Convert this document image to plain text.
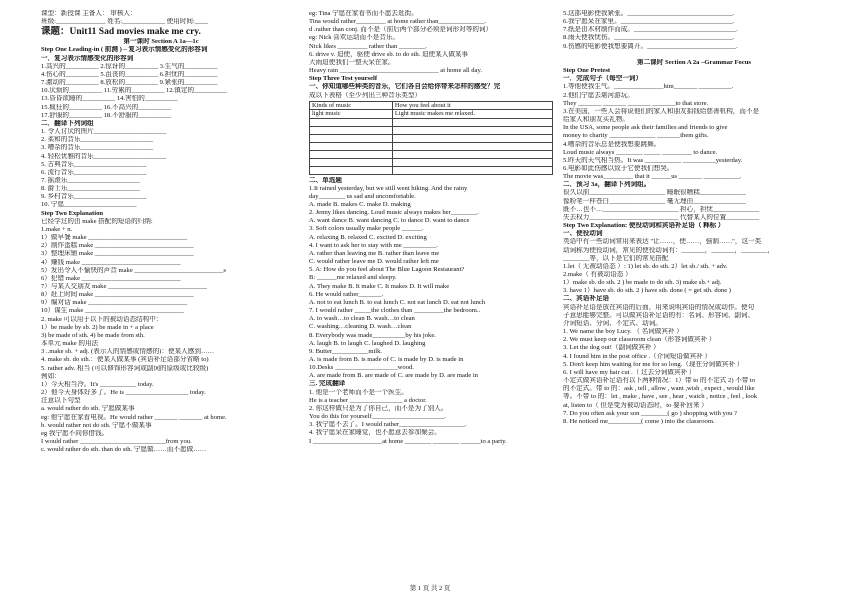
课型：新授课 主备人： 审核人：
班级:_______________ 姓名:_____________ 使用时间:____
课题：Unit11 Sad movies make me cry.
第一课时 Section A 1a—1c
Step One Leading-in ( 前测 ) – 复习表示情感变化的形容词
一．复习表示情感变化的形容词
1.高兴的__________ 2.惊讶的__________ 3.生气的__________
4.伤心的__________ 5.沮丧的__________ 6.担忧的__________
7.激动的__________ 8.放松的__________ 9.紧张的__________
10.厌烦的__________ 11.劳累的__________ 12.镇定的__________
13.昏昏欲睡的__________ 14.害怕的__________
15.疯狂的__________ 16.不高兴的__________
17.舒服的__________ 18.不舒服的__________
二．翻译下列词组
1. 令人讨厌的图片______________________
2. 柔和的音乐______________________
3. 嘈杂的音乐______________________
4. 轻松优雅的音乐______________________
5. 古典音乐______________________
6. 流行音乐______________________
7. 摇滚乐______________________
8. 爵士乐______________________
9. 乡村音乐______________________
10. 宁愿______________________
Step Two Explanation
已经学过的由 make 搭配的短语的归纳:
1.make + n.
1）做早餐 make ______________________________
2）制作蛋糕 make ______________________________
3）整理床铺 make ______________________________
4）赚钱 make ______________________________
5）发出令人不愉快的声音 make ___________________________s
6）犯错 make ______________________________
7）与某人交朋友 make ______________________________
8）赶上时间 make ______________________________
9）编对话 make ______________________________
10）谋生 make ______________________________
2. make 可以用于以下的被动语态结构中：
1）be made by sb. 2) be made in + a place
3) be made of sth. 4) be made from sth.
本单元 make 的用法
3 ..make sb. + adj. (表示人的情感或情感的)：使某人感到……
4. make sb. do sth.：使某人做某事 (宾语补足语部分省略 to)
5. rather adv. 相当 (可以修饰形容词或副词的原级或比较级)
例如：
1）今天相当冷。It's ___________ today.
2）他今天身体好多了。He is ___________________ today.
注意以下句型
a. would rather do sth. 宁愿做某事
eg: 他宁愿在家看电视。He would rather _______ _______ at home.
b. would rather not do sth. 宁愿不做某事
eg 我宁愿不向你借钱。
I would rather __________________________from you.
c. would rather do sth. than do sth. 宁愿做……而不愿做……
eg: Tina 宁愿在家看书而不愿去逛街。
Tina would rather_________ at home rather than______________.
d .rather than conj. 而不是（前后两个部分必须是词形对等的词）
eg: Nick 喜欢运动而不是音乐。
Nick likes _________ rather than ________.
6. drive v. 迫使，驱使 drive sb. to do sth. 迫使某人做某事
大雨迫使我们一整天呆在家。
Heavy rain ______________________________ at home all day.
Step Three Test yourself
一、你知道哪些种类的音乐，它们各自会给你带来怎样的感受？完
成以下表格（至少列出三种音乐类型）
Kinds of music	How you feel about it
light music	Light music makes me relaxed.

二、单选题
1.It rained yesterday, but we still went hiking. And the rainy
day________ us sad and uncomfortable.
A. made B. makes C. make D. making
2. Jenny likes dancing. Loud music always makes her________.
A. want dance B. want dancing C. to dance D. want to dance
3. Soft colors usually make people ______.
A. relaxing B. relaxed C. excited D. exciting
4. I want to ask her to stay with me __________.
A. rather than leaving me B. rather than leave me
C. would rather leave me D. would rather left me
5. A: How do you feel about The Blue Lagoon Restaurant?
B: ______me relaxed and sleepy.
A. They make B. It make C. It makes D. It will make
6. He would rather_______.
A. not to eat lunch B. to eat lunch C. not eat lunch D. eat not lunch
7. I would rather _____the clothes than _________the bedroom..
A. to wash…to clean B. wash…to clean
C. washing…cleaning D. wash…clean
8. Everybody was made__________by his joke.
A. laugh B. to laugh C. laughed D. laughing
9. Butter___________milk.
A. is made from B. is made of C. is made by D. is made in
10.Desks ___________________wood.
A. are made from B. are made of C. are made by D. are made in
三. 完成翻译
1. 他是一个老师而不是一个医生。
He is a teacher ________________ a doctor.
2. 你这样做只是为了你自己，而不是为了别人。
You do this for yourself______________________.
3. 我宁愿不去了。I would rather____________________.
4. 我宁愿呆在家睡觉，也不愿意去参加聚会。
I _____________________at home ________ ________ ______to a party.
5.这部电影使我紧张。________________________________.
6.我宁愿呆在家里。__________________________________.
7.纸是由木材制作而成。_______________________________.
8.雨天使我忧伤。____________________________________.
9.伤感的电影使我想要离开。___________________________.

第二课时 Section A 2a –Grammar Focus
Step One Pretest
一．完成句子（每空一词）
1.等他使我生气。_______________him_______ __________.
2.他们宁愿去堪河游玩。
They _______ _______ _______ _______to that store.
3.在美国，一些人会将说他们的家人和朋友捐钱给慈善机构，而不是
给家人和朋友买礼物。
In the USA, some people ask their families and friends to give
money to charity ______________ _______them gifts.
4.嘈杂的音乐总是使我想要跳舞。
Loud music always ________ _____ _________ to dance.
5.昨天的天气相当热。It was ___________ __________yesterday.
6.电影如此伤感以致于它使我们想哭。
The movie was_________ that it ______us _______ ___________.
二．预习 3a，翻译下列词组。
很久以前_______________________ 睡眠很糟糕______________
像粉笔一样苍白_________________ 毫无理由________________
既不…也不…_______________________ 担心，担忧______________
失去权力___________________________ 代替某人的位置__________
Step Two Explanation: 使役动词和宾语补足语（ 释标 ）
一、使役动词
英语中有一些动词常用来表达 "让……，使……，强制……"，这一类
动词称为使役动词，常见的使役动词有：_______，_______，________，
________等，以下是它们的常见搭配
1.let（ 无被动语态 ）: 1) let sb. do sth. 2）let sb./ sth. + adv.
2.make（ 有被动语态 ）
1）make sb. do sth. 2 ) be made to do sth. 3) make sb.+ adj.
3. have 1）have sb. do sth. 2 ) have sth. done ( = get sth. done )
二、宾语补足语
宾语补足语是放在宾语的后面，用来说明宾语的情况或动作。使句
子意思能够完整。可以做宾语补足语的有：名词、形容词、副词、
介词短语、分词、不定式、动词。
1. We name the boy Lucy. （ 名词做宾补 ）
2. We must keep our classroom clean（形容词做宾补 ）
3. Let the dog out!（副词做宾补 ）
4. I found him in the post office .（介词短语做宾补 ）
5. Don't keep him waiting for me for so long.（现在分词做宾补 ）
6. I will have my hair cut .（ 过去分词做宾补 ）
不定式做宾语补足语有以下两种情况：1）带 to 的不定式 2) 不带 to
的不定式。带 to 的：ask , tell , allow , want ,wish , expect , would like
等。不带 to 的：let , make , have , see , hear , watch , notice , feel , look
at, listen to（ 但是变为被动语态时，to 要补回来 ）
7. Do you often ask your son ________( go ) shopping with you ?
8. He noticed me__________( come ) into the classroom.
第 1 页 共 2 页
